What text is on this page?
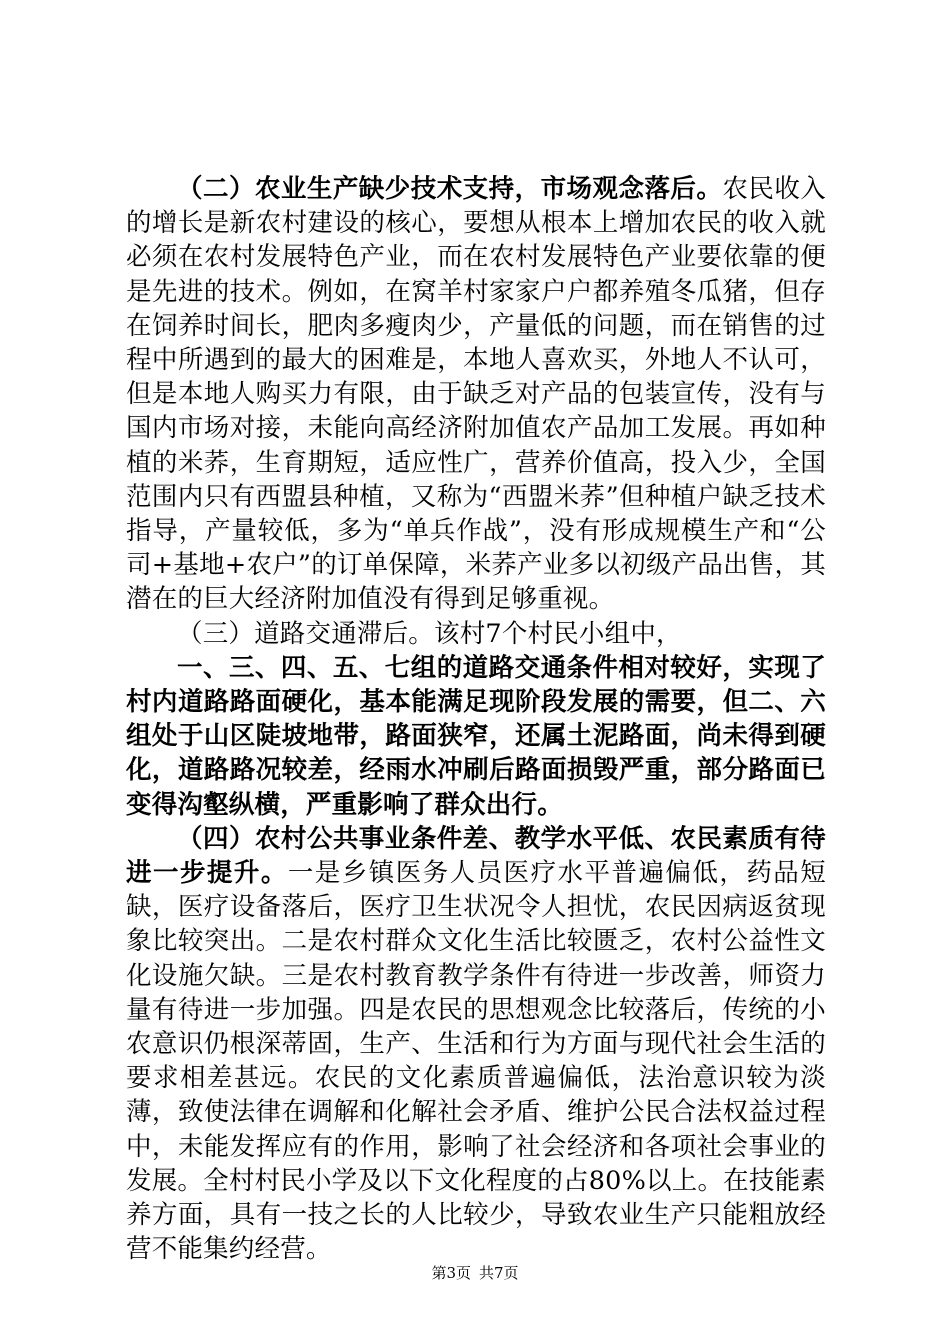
（二）农业生产缺少技术支持，市场观念落后。农民收入的增长是新农村建设的核心，要想从根本上增加农民的收入就必须在农村发展特色产业，而在农村发展特色产业要依靠的便是先进的技术。例如，在窝羊村家家户户都养殖冬瓜猪，但存在饲养时间长，肥肉多瘦肉少，产量低的问题，而在销售的过程中所遇到的最大的困难是，本地人喜欢买，外地人不认可，但是本地人购买力有限，由于缺乏对产品的包装宣传，没有与国内市场对接，未能向高经济附加值农产品加工发展。再如种植的米荞，生育期短，适应性广，营养价值高，投入少，全国范围内只有西盟县种植，又称为“西盟米荞”但种植户缺乏技术指导，产量较低，多为“单兵作战”，没有形成规模生产和“公司+基地+农户”的订单保障，米荞产业多以初级产品出售，其潜在的巨大经济附加值没有得到足够重视。

（三）道路交通滞后。该村7个村民小组中，

一、三、四、五、七组的道路交通条件相对较好，实现了村内道路路面硬化，基本能满足现阶段发展的需要，但二、六组处于山区陡坡地带，路面狭窄，还属土泥路面，尚未得到硬化，道路路况较差，经雨水冲刷后路面损毁严重，部分路面已变得沟壑纵横，严重影响了群众出行。

（四）农村公共事业条件差、教学水平低、农民素质有待进一步提升。一是乡镇医务人员医疗水平普遍偏低，药品短缺，医疗设备落后，医疗卫生状况令人担忧，农民因病返贫现象比较突出。二是农村群众文化生活比较匮乏，农村公益性文化设施欠缺。三是农村教育教学条件有待进一步改善，师资力量有待进一步加强。四是农民的思想观念比较落后，传统的小农意识仍根深蒂固，生产、生活和行为方面与现代社会生活的要求相差甚远。农民的文化素质普遍偏低，法治意识较为淡薄，致使法律在调解和化解社会矛盾、维护公民合法权益过程中，未能发挥应有的作用，影响了社会经济和各项社会事业的发展。全村村民小学及以下文化程度的占80%以上。在技能素养方面，具有一技之长的人比较少，导致农业生产只能粗放经营不能集约经营。

第3页 共7页
